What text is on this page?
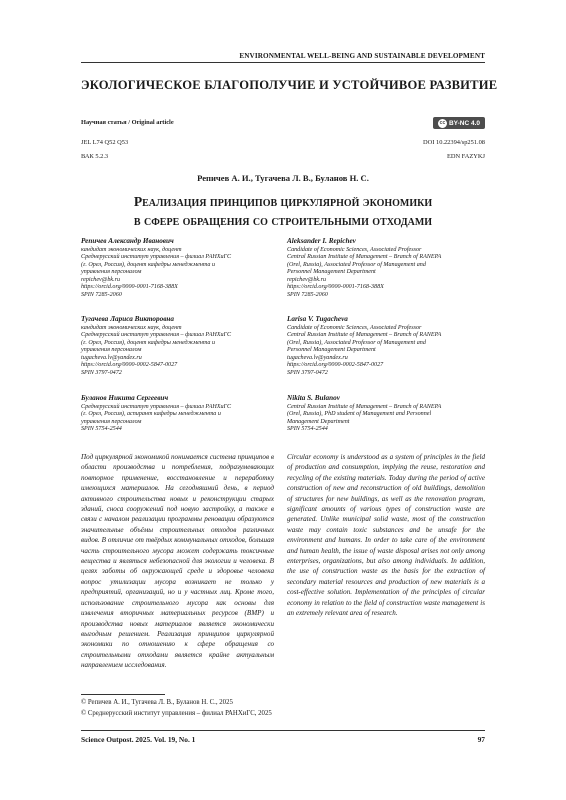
ENVIRONMENTAL WELL-BEING AND SUSTAINABLE DEVELOPMENT
ЭКОЛОГИЧЕСКОЕ БЛАГОПОЛУЧИЕ И УСТОЙЧИВОЕ РАЗВИТИЕ
Научная статья / Original article	cc BY-NC 4.0
JEL L74 Q52 Q53	DOI 10.22394/sp251.08
ВАК 5.2.3	EDN FAZYKJ
Репичев А. И., Тугачева Л. В., Буланов Н. С.
Реализация принципов циркулярной экономики
в сфере обращения со строительными отходами
Репичев Александр Иванович
кандидат экономических наук, доцент
Среднерусский институт управления – филиал РАНХиГС
(г. Орел, Россия), доцент кафедры менеджмента и
управления персоналом
repichev@bk.ru
https://orcid.org/0000-0001-7168-388X
SPIN 7285-2060
Тугачева Лариса Викторовна
кандидат экономических наук, доцент
Среднерусский институт управления – филиал РАНХиГС
(г. Орел, Россия), доцент кафедры менеджмента и
управления персоналом
tugacheva.lv@yandex.ru
https://orcid.org/0000-0002-5847-0027
SPIN 3797-0472
Буланов Никита Сергеевич
Среднерусский институт управления – филиал РАНХиГС
(г. Орел, Россия), аспирант кафедры менеджмента и
управления персоналом
SPIN 5754-2544
Aleksander I. Repichev
Candidate of Economic Sciences, Associated Professor
Central Russian Institute of Management – Branch of RANEPA
(Orel, Russia), Associated Professor of Management and
Personnel Management Department
repichev@bk.ru
https://orcid.org/0000-0001-7168-388X
SPIN 7285-2060
Larisa V. Tugacheva
Candidate of Economic Sciences, Associated Professor
Central Russian Institute of Management – Branch of RANEPA
(Orel, Russia), Associated Professor of Management and
Personnel Management Department
tugacheva.lv@yandex.ru
https://orcid.org/0000-0002-5847-0027
SPIN 3797-0472
Nikita S. Bulanov
Central Russian Institute of Management – Branch of RANEPA
(Orel, Russia), PhD student of Management and Personnel
Management Department
SPIN 5754-2544
Под циркулярной экономикой понимается система принципов в области производства и потребления, подразумевающих повторное применение, восстановление и переработку имеющихся материалов. На сегодняшний день, в период активного строительства новых и реконструкции старых зданий, сноса сооружений под новую застройку, а также в связи с началом реализации программы реновации образуются значительные объёмы строительных отходов различных видов. В отличие от твёрдых коммунальных отходов, большая часть строительного мусора может содержать токсичные вещества и являться небезопасной для экологии и человека. В целях заботы об окружающей среде и здоровье человека вопрос утилизации мусора возникает не только у предприятий, организаций, но и у частных лиц. Кроме того, использование строительного мусора как основы для извлечения вторичных материальных ресурсов (ВМР) и производства новых материалов является экономически выгодным решением. Реализация принципов циркулярной экономики по отношению к сфере обращения со строительными отходами является крайне актуальным направлением исследования.
Circular economy is understood as a system of principles in the field of production and consumption, implying the reuse, restoration and recycling of the existing materials. Today during the period of active construction of new and reconstruction of old buildings, demolition of structures for new buildings, as well as the renovation program, significant amounts of various types of construction waste are generated. Unlike municipal solid waste, most of the construction waste may contain toxic substances and be unsafe for the environment and humans. In order to take care of the environment and human health, the issue of waste disposal arises not only among enterprises, organizations, but also among individuals. In addition, the use of construction waste as the basis for the extraction of secondary material resources and production of new materials is a cost-effective solution. Implementation of the principles of circular economy in relation to the field of construction waste management is an extremely relevant area of research.
© Репичев А. И., Тугачева Л. В., Буланов Н. С., 2025
© Среднерусский институт управления – филиал РАНХиГС, 2025
Science Outpost. 2025. Vol. 19, No. 1	97
